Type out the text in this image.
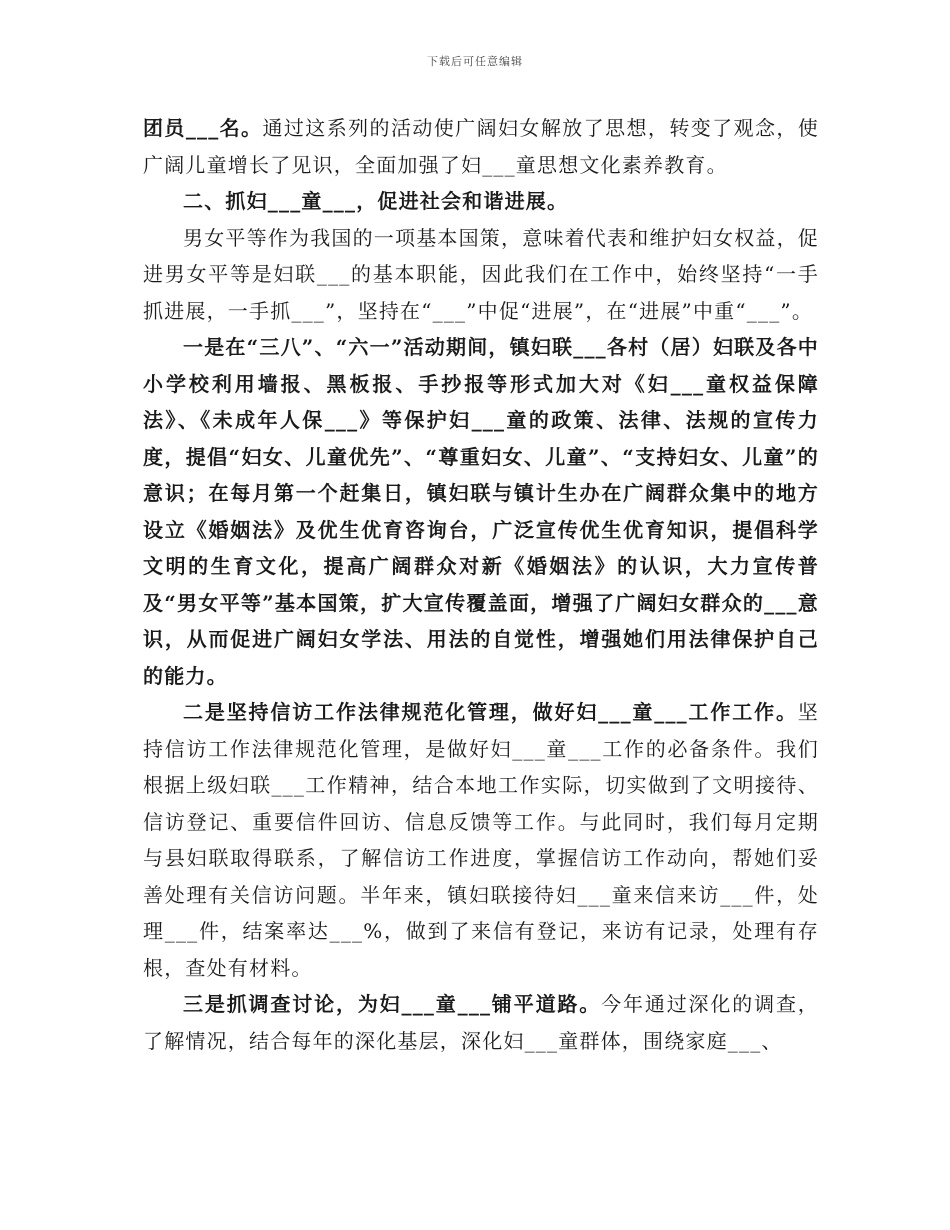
下载后可任意编辑

团员___名。通过这系列的活动使广阔妇女解放了思想，转变了观念，使广阔儿童增长了见识，全面加强了妇___童思想文化素养教育。

二、抓妇___童___，促进社会和谐进展。

男女平等作为我国的一项基本国策，意味着代表和维护妇女权益，促进男女平等是妇联___的基本职能，因此我们在工作中，始终坚持“一手抓进展，一手抓___”，坚持在“___”中促“进展”，在“进展”中重“___”。

一是在“三八”、“六一”活动期间，镇妇联___各村（居）妇联及各中小学校利用墙报、黑板报、手抄报等形式加大对《妇___童权益保障法》、《未成年人保___》等保护妇___童的政策、法律、法规的宣传力度，提倡“妇女、儿童优先”、“尊重妇女、儿童”、“支持妇女、儿童”的意识；在每月第一个赶集日，镇妇联与镇计生办在广阔群众集中的地方设立《婚姻法》及优生优育咨询台，广泛宣传优生优育知识，提倡科学文明的生育文化，提高广阔群众对新《婚姻法》的认识，大力宣传普及“男女平等”基本国策，扩大宣传覆盖面，增强了广阔妇女群众的___意识，从而促进广阔妇女学法、用法的自觉性，增强她们用法律保护自己的能力。

二是坚持信访工作法律规范化管理，做好妇___童___工作工作。坚持信访工作法律规范化管理，是做好妇___童___工作的必备条件。我们根据上级妇联___工作精神，结合本地工作实际，切实做到了文明接待、信访登记、重要信件回访、信息反馈等工作。与此同时，我们每月定期与县妇联取得联系，了解信访工作进度，掌握信访工作动向，帮她们妥善处理有关信访问题。半年来，镇妇联接待妇___童来信来访___件，处理___件，结案率达___%，做到了来信有登记，来访有记录，处理有存根，查处有材料。

三是抓调查讨论，为妇___童___铺平道路。今年通过深化的调查，了解情况，结合每年的深化基层，深化妇___童群体，围绕家庭___、
